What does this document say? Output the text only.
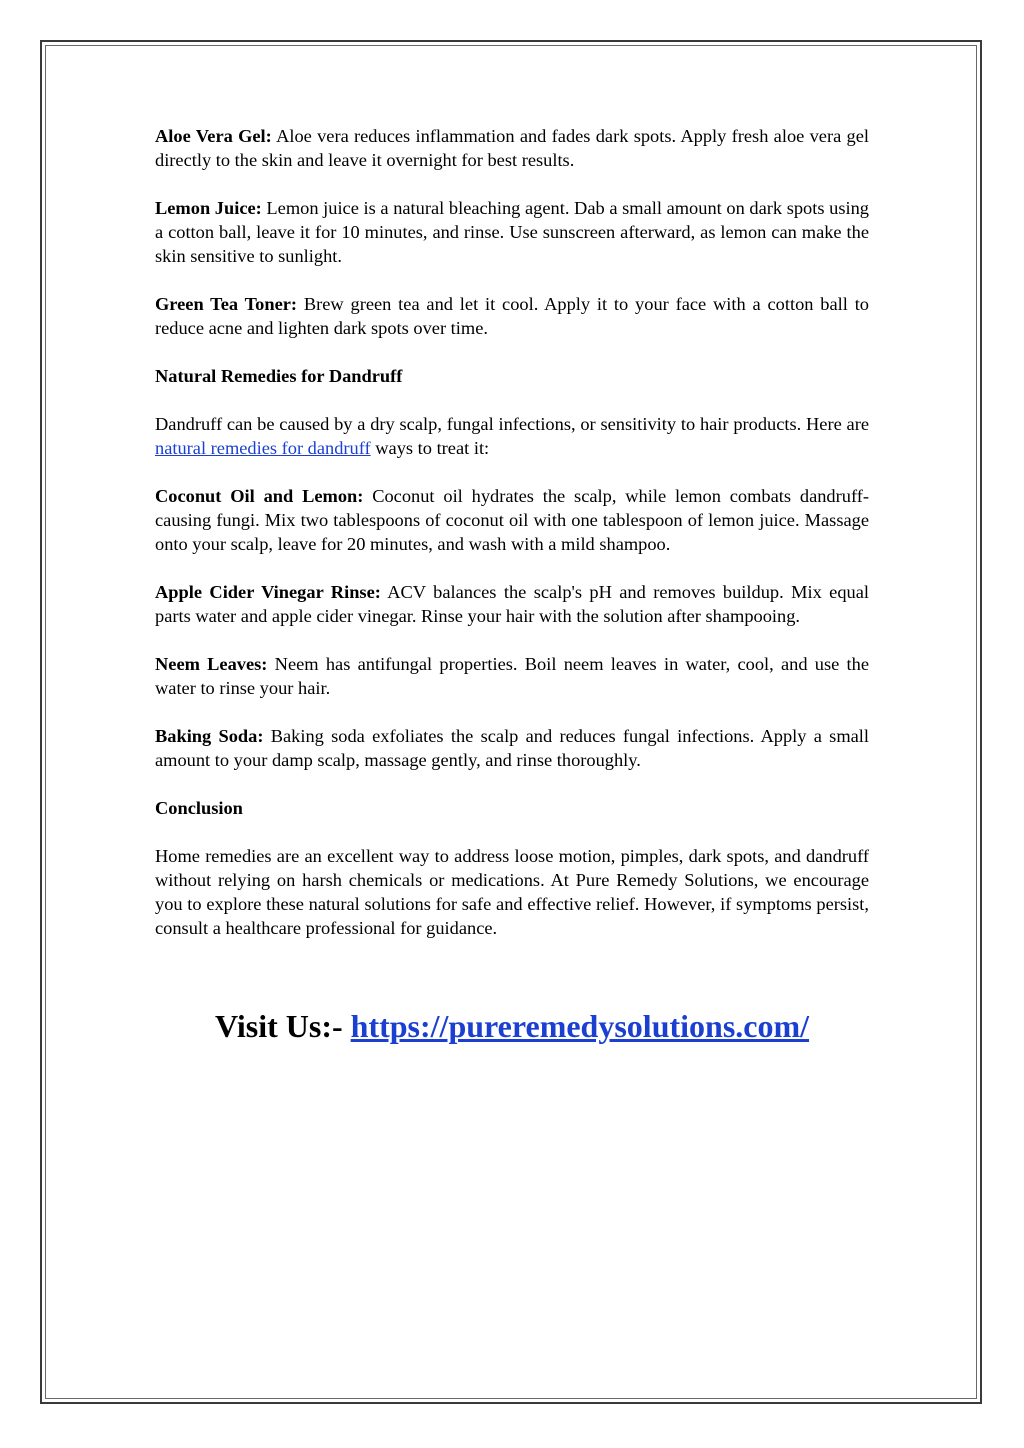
Aloe Vera Gel: Aloe vera reduces inflammation and fades dark spots. Apply fresh aloe vera gel directly to the skin and leave it overnight for best results.

Lemon Juice: Lemon juice is a natural bleaching agent. Dab a small amount on dark spots using a cotton ball, leave it for 10 minutes, and rinse. Use sunscreen afterward, as lemon can make the skin sensitive to sunlight.

Green Tea Toner: Brew green tea and let it cool. Apply it to your face with a cotton ball to reduce acne and lighten dark spots over time.

Natural Remedies for Dandruff

Dandruff can be caused by a dry scalp, fungal infections, or sensitivity to hair products. Here are natural remedies for dandruff ways to treat it:

Coconut Oil and Lemon: Coconut oil hydrates the scalp, while lemon combats dandruff-causing fungi. Mix two tablespoons of coconut oil with one tablespoon of lemon juice. Massage onto your scalp, leave for 20 minutes, and wash with a mild shampoo.

Apple Cider Vinegar Rinse: ACV balances the scalp's pH and removes buildup. Mix equal parts water and apple cider vinegar. Rinse your hair with the solution after shampooing.

Neem Leaves: Neem has antifungal properties. Boil neem leaves in water, cool, and use the water to rinse your hair.

Baking Soda: Baking soda exfoliates the scalp and reduces fungal infections. Apply a small amount to your damp scalp, massage gently, and rinse thoroughly.

Conclusion

Home remedies are an excellent way to address loose motion, pimples, dark spots, and dandruff without relying on harsh chemicals or medications. At Pure Remedy Solutions, we encourage you to explore these natural solutions for safe and effective relief. However, if symptoms persist, consult a healthcare professional for guidance.

Visit Us:- https://pureremedysolutions.com/
